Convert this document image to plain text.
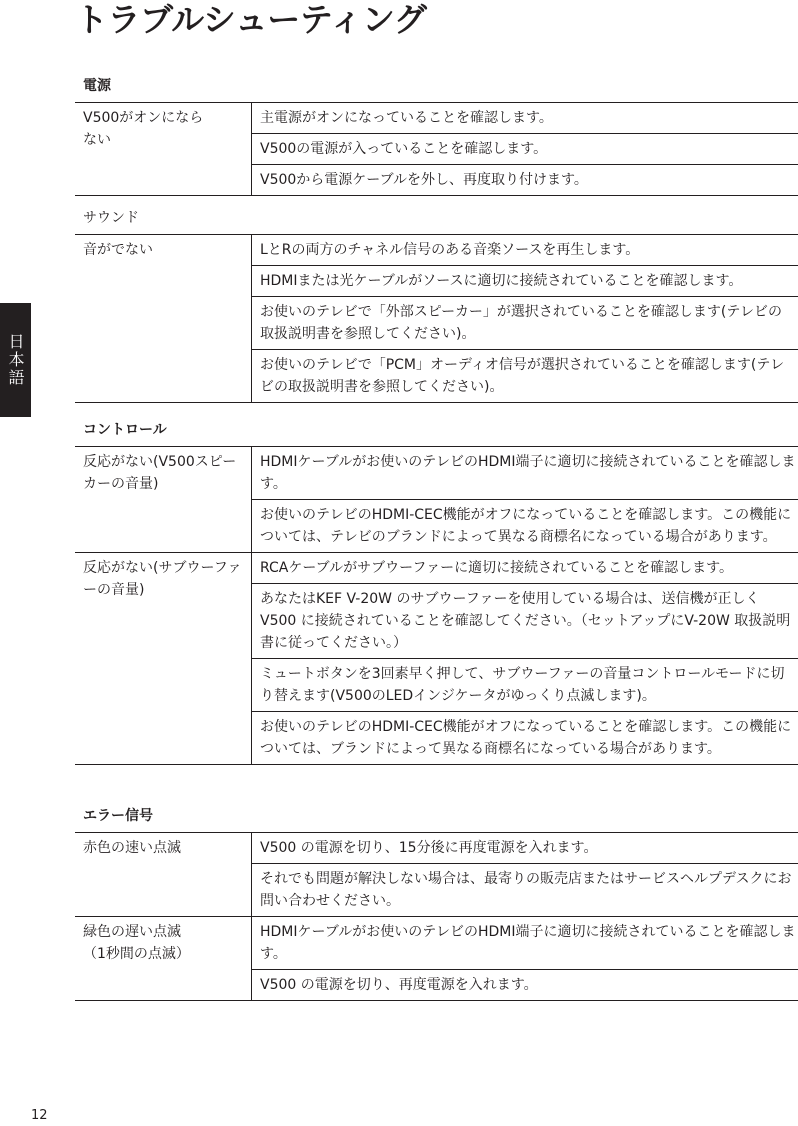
トラブルシューティング
日本語
電源
V500がオンになら
ない
主電源がオンになっていることを確認します。
V500の電源が入っていることを確認します。
V500から電源ケーブルを外し、再度取り付けます。
サウンド
音がでない	LとRの両方のチャネル信号のある音楽ソースを再生します。
HDMIまたは光ケーブルがソースに適切に接続されていることを確認します。
お使いのテレビで「外部スピーカー」が選択されていることを確認します(テレビの取扱説明書を参照してください)。
お使いのテレビで「PCM」オーディオ信号が選択されていることを確認します(テレビの取扱説明書を参照してください)。
コントロール
反応がない(V500スピーカーの音量)
HDMIケーブルがお使いのテレビのHDMI端子に適切に接続されていることを確認します。
お使いのテレビのHDMI-CEC機能がオフになっていることを確認します。この機能については、テレビのブランドによって異なる商標名になっている場合があります。
反応がない(サブウーファーの音量)
RCAケーブルがサブウーファーに適切に接続されていることを確認します。
あなたはKEF V-20W のサブウーファーを使用している場合は、送信機が正しく V500 に接続されていることを確認してください。（セットアップにV-20W 取扱説明書に従ってください。）
ミュートボタンを3回素早く押して、サブウーファーの音量コントロールモードに切り替えます(V500のLEDインジケータがゆっくり点滅します)。
お使いのテレビのHDMI-CEC機能がオフになっていることを確認します。この機能については、ブランドによって異なる商標名になっている場合があります。
エラー信号
赤色の速い点滅	V500 の電源を切り、15分後に再度電源を入れます。
それでも問題が解決しない場合は、最寄りの販売店またはサービスヘルプデスクにお問い合わせください。
緑色の遅い点滅
（1秒間の点滅）
HDMIケーブルがお使いのテレビのHDMI端子に適切に接続されていることを確認します。
V500 の電源を切り、再度電源を入れます。
12
